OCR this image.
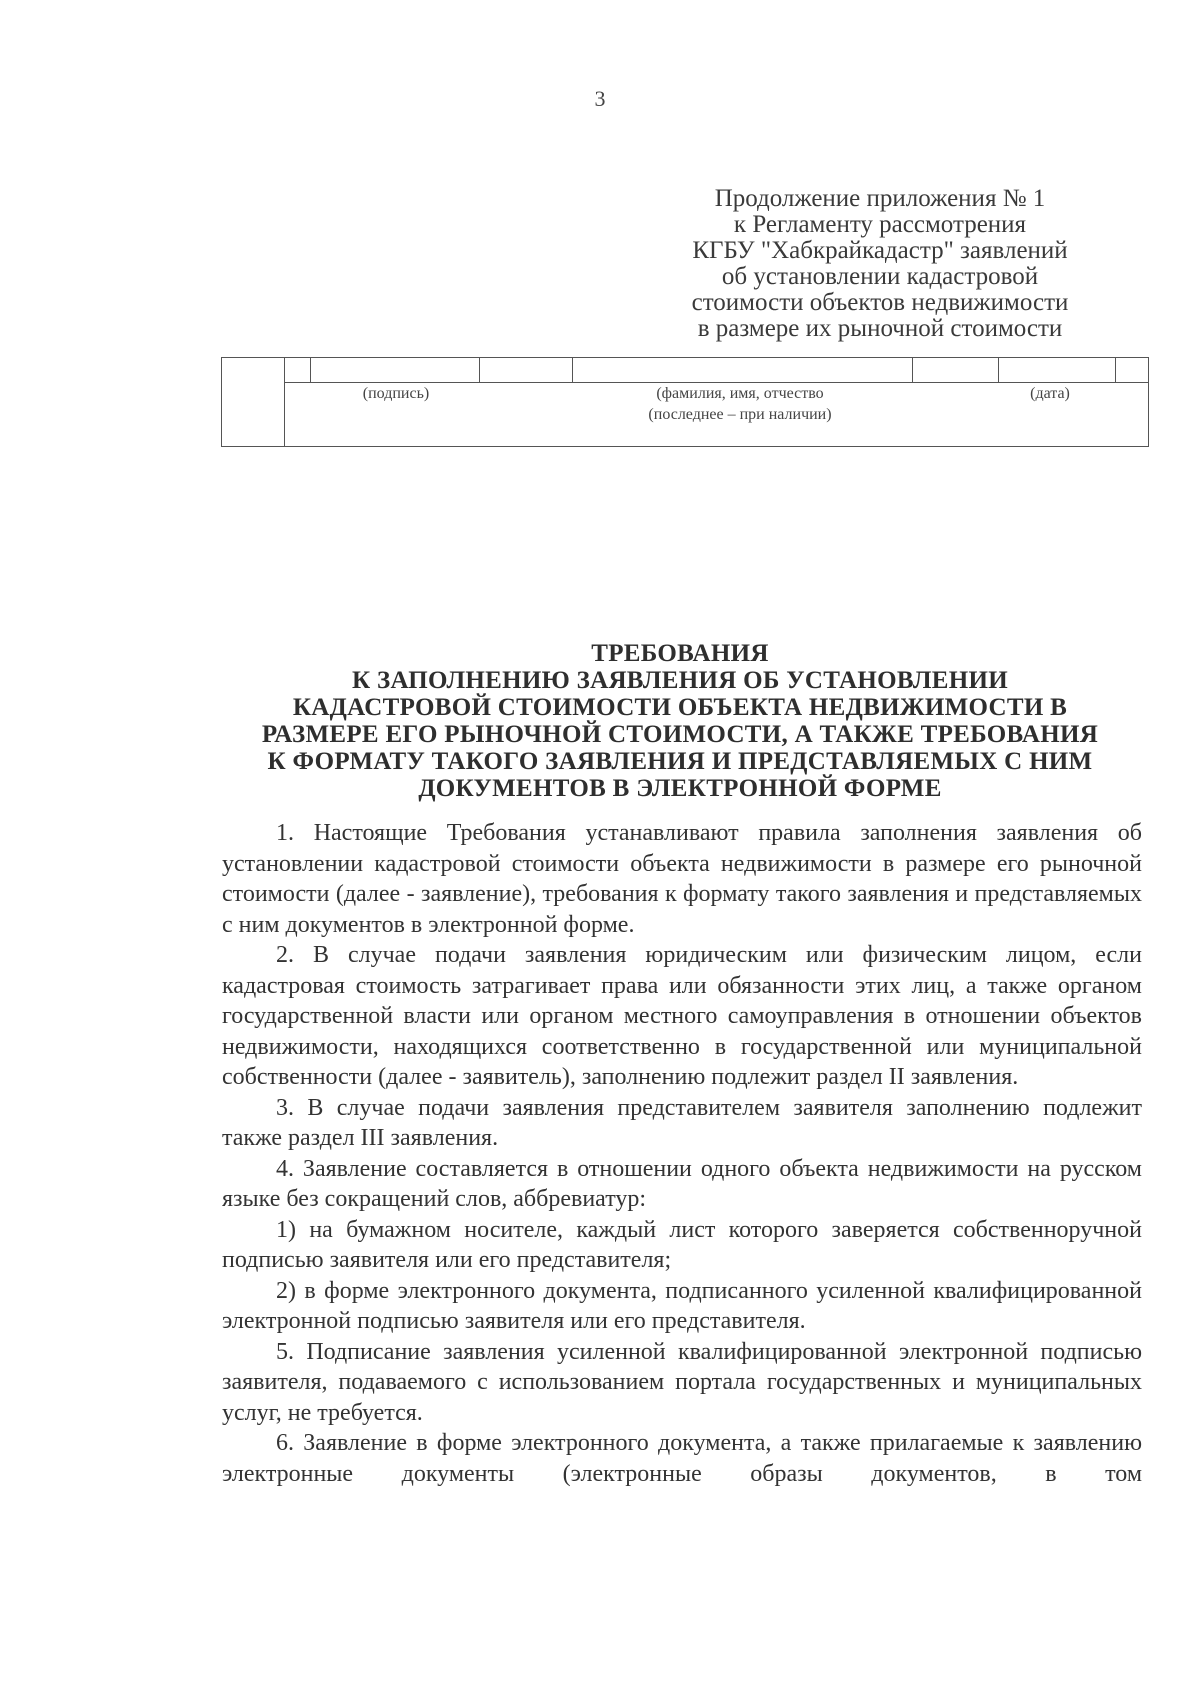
3
Продолжение приложения № 1
к Регламенту рассмотрения
КГБУ "Хабкрайкадастр" заявлений
об установлении кадастровой
стоимости объектов недвижимости
в размере их рыночной стоимости
(подпись)	(фамилия, имя, отчество
(последнее – при наличии)
(дата)
ТРЕБОВАНИЯ
К ЗАПОЛНЕНИЮ ЗАЯВЛЕНИЯ ОБ УСТАНОВЛЕНИИ
КАДАСТРОВОЙ СТОИМОСТИ ОБЪЕКТА НЕДВИЖИМОСТИ В
РАЗМЕРЕ ЕГО РЫНОЧНОЙ СТОИМОСТИ, А ТАКЖЕ ТРЕБОВАНИЯ
К ФОРМАТУ ТАКОГО ЗАЯВЛЕНИЯ И ПРЕДСТАВЛЯЕМЫХ С НИМ
ДОКУМЕНТОВ В ЭЛЕКТРОННОЙ ФОРМЕ

1. Настоящие Требования устанавливают правила заполнения заявления об установлении кадастровой стоимости объекта недвижимости в размере его рыночной стоимости (далее - заявление), требования к формату такого заявления и представляемых с ним документов в электронной форме.

2. В случае подачи заявления юридическим или физическим лицом, если кадастровая стоимость затрагивает права или обязанности этих лиц, а также органом государственной власти или органом местного самоуправления в отношении объектов недвижимости, находящихся соответственно в государственной или муниципальной собственности (далее - заявитель), заполнению подлежит раздел II заявления.

3. В случае подачи заявления представителем заявителя заполнению подлежит также раздел III заявления.

4. Заявление составляется в отношении одного объекта недвижимости на русском языке без сокращений слов, аббревиатур:

1) на бумажном носителе, каждый лист которого заверяется собственноручной подписью заявителя или его представителя;

2) в форме электронного документа, подписанного усиленной квалифицированной электронной подписью заявителя или его представителя.

5. Подписание заявления усиленной квалифицированной электронной подписью заявителя, подаваемого с использованием портала государственных и муниципальных услуг, не требуется.

6. Заявление в форме электронного документа, а также прилагаемые к заявлению электронные документы (электронные образы документов, в том
